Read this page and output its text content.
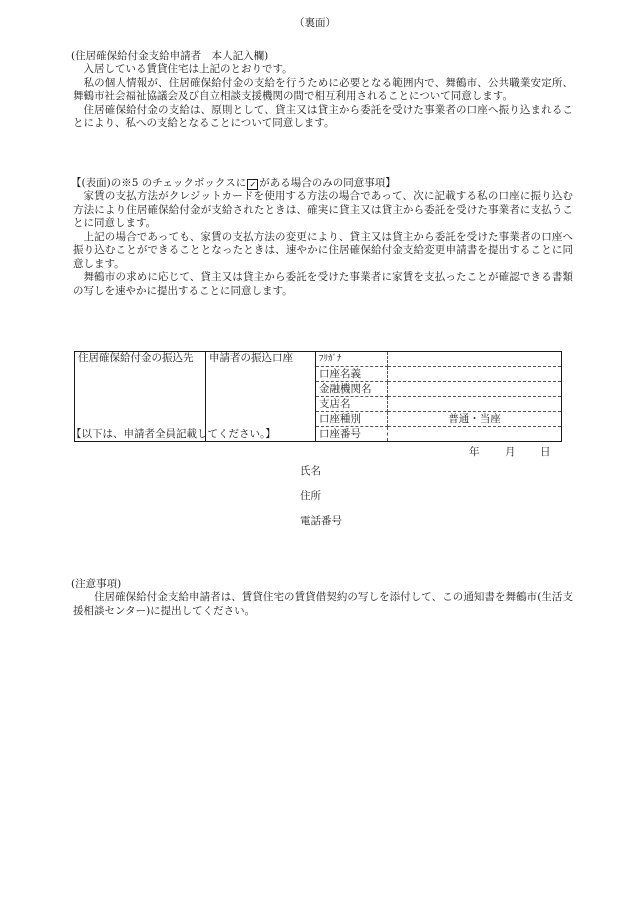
（裏面）
(住居確保給付金支給申請者　本人記入欄)

入居している賃貸住宅は上記のとおりです。

私の個人情報が、住居確保給付金の支給を行うために必要となる範囲内で、舞鶴市、公共職業安定所、舞鶴市社会福祉協議会及び自立相談支援機関の間で相互利用されることについて同意します。

住居確保給付金の支給は、原則として、貸主又は貸主から委託を受けた事業者の口座へ振り込まれることにより、私への支給となることについて同意します。

【(表面)の※5 のチェックボックスに ✓ がある場合のみの同意事項】

家賃の支払方法がクレジットカードを使用する方法の場合であって、次に記載する私の口座に振り込む方法により住居確保給付金が支給されたときは、確実に貸主又は貸主から委託を受けた事業者に支払うことに同意します。

上記の場合であっても、家賃の支払方法の変更により、貸主又は貸主から委託を受けた事業者の口座へ振り込むことができることとなったときは、速やかに住居確保給付金支給変更申請書を提出することに同意します。

舞鶴市の求めに応じて、貸主又は貸主から委託を受けた事業者に家賃を支払ったことが確認できる書類の写しを速やかに提出することに同意します。

住居確保給付金の振込先	申請者の振込口座		ﾌﾘｶﾞﾅ	
口座名義	
金融機関名	
支店名	
口座種別	普通・当座
口座番号	
【以下は、申請者全員記載してください。】
年 月 日
氏名
住所
電話番号
(注意事項)

住居確保給付金支給申請者は、賃貸住宅の賃貸借契約の写しを添付して、この通知書を舞鶴市(生活支援相談センター)に提出してください。
